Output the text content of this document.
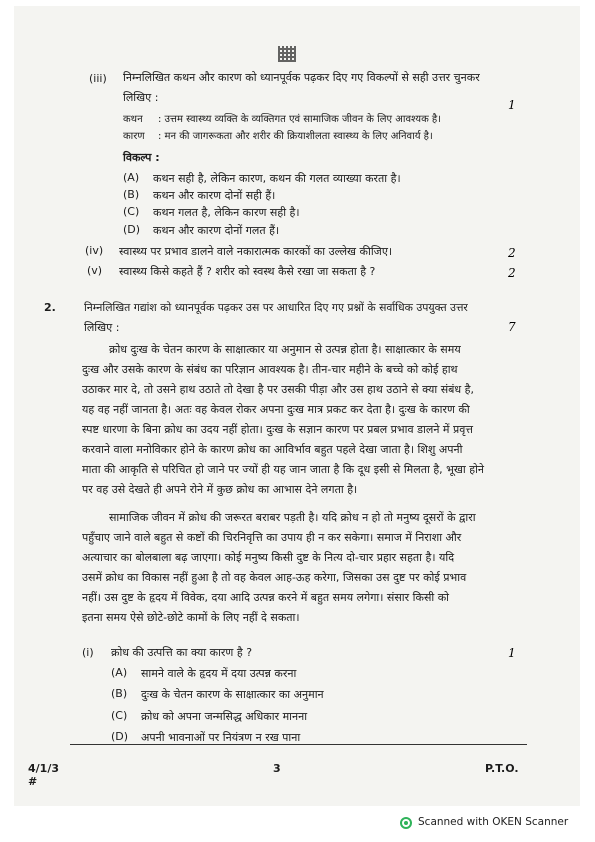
(iii) निम्नलिखित कथन और कारण को ध्यानपूर्वक पढ़कर दिए गए विकल्पों से सही उत्तर चुनकर
लिखिए :
1
कथन : उत्तम स्वास्थ्य व्यक्ति के व्यक्तिगत एवं सामाजिक जीवन के लिए आवश्यक है।
कारण : मन की जागरूकता और शरीर की क्रियाशीलता स्वास्थ्य के लिए अनिवार्य है।
विकल्प :
(A) कथन सही है, लेकिन कारण, कथन की गलत व्याख्या करता है।
(B) कथन और कारण दोनों सही हैं।
(C) कथन गलत है, लेकिन कारण सही है।
(D) कथन और कारण दोनों गलत हैं।
(iv) स्वास्थ्य पर प्रभाव डालने वाले नकारात्मक कारकों का उल्लेख कीजिए।	2
(v) स्वास्थ्य किसे कहते हैं ? शरीर को स्वस्थ कैसे रखा जा सकता है ?	2
2.	निम्नलिखित गद्यांश को ध्यानपूर्वक पढ़कर उस पर आधारित दिए गए प्रश्नों के सर्वाधिक उपयुक्त उत्तर
लिखिए :	7
क्रोध दुःख के चेतन कारण के साक्षात्कार या अनुमान से उत्पन्न होता है। साक्षात्कार के समय
दुःख और उसके कारण के संबंध का परिज्ञान आवश्यक है। तीन-चार महीने के बच्चे को कोई हाथ
उठाकर मार दे, तो उसने हाथ उठाते तो देखा है पर उसकी पीड़ा और उस हाथ उठाने से क्या संबंध है,
यह वह नहीं जानता है। अतः वह केवल रोकर अपना दुःख मात्र प्रकट कर देता है। दुःख के कारण की
स्पष्ट धारणा के बिना क्रोध का उदय नहीं होता। दुःख के सज्ञान कारण पर प्रबल प्रभाव डालने में प्रवृत्त
करवाने वाला मनोविकार होने के कारण क्रोध का आविर्भाव बहुत पहले देखा जाता है। शिशु अपनी
माता की आकृति से परिचित हो जाने पर ज्यों ही यह जान जाता है कि दूध इसी से मिलता है, भूखा होने
पर वह उसे देखते ही अपने रोने में कुछ क्रोध का आभास देने लगता है।
सामाजिक जीवन में क्रोध की जरूरत बराबर पड़ती है। यदि क्रोध न हो तो मनुष्य दूसरों के द्वारा
पहुँचाए जाने वाले बहुत से कष्टों की चिरनिवृत्ति का उपाय ही न कर सकेगा। समाज में निराशा और
अत्याचार का बोलबाला बढ़ जाएगा। कोई मनुष्य किसी दुष्ट के नित्य दो-चार प्रहार सहता है। यदि
उसमें क्रोध का विकास नहीं हुआ है तो वह केवल आह-ऊह करेगा, जिसका उस दुष्ट पर कोई प्रभाव
नहीं। उस दुष्ट के हृदय में विवेक, दया आदि उत्पन्न करने में बहुत समय लगेगा। संसार किसी को
इतना समय ऐसे छोटे-छोटे कामों के लिए नहीं दे सकता।
(i) क्रोध की उत्पत्ति का क्या कारण है ?	1
(A) सामने वाले के हृदय में दया उत्पन्न करना
(B) दुःख के चेतन कारण के साक्षात्कार का अनुमान
(C) क्रोध को अपना जन्मसिद्ध अधिकार मानना
(D) अपनी भावनाओं पर नियंत्रण न रख पाना
4/1/3
#
3	P.T.O.
Scanned with OKEN Scanner
